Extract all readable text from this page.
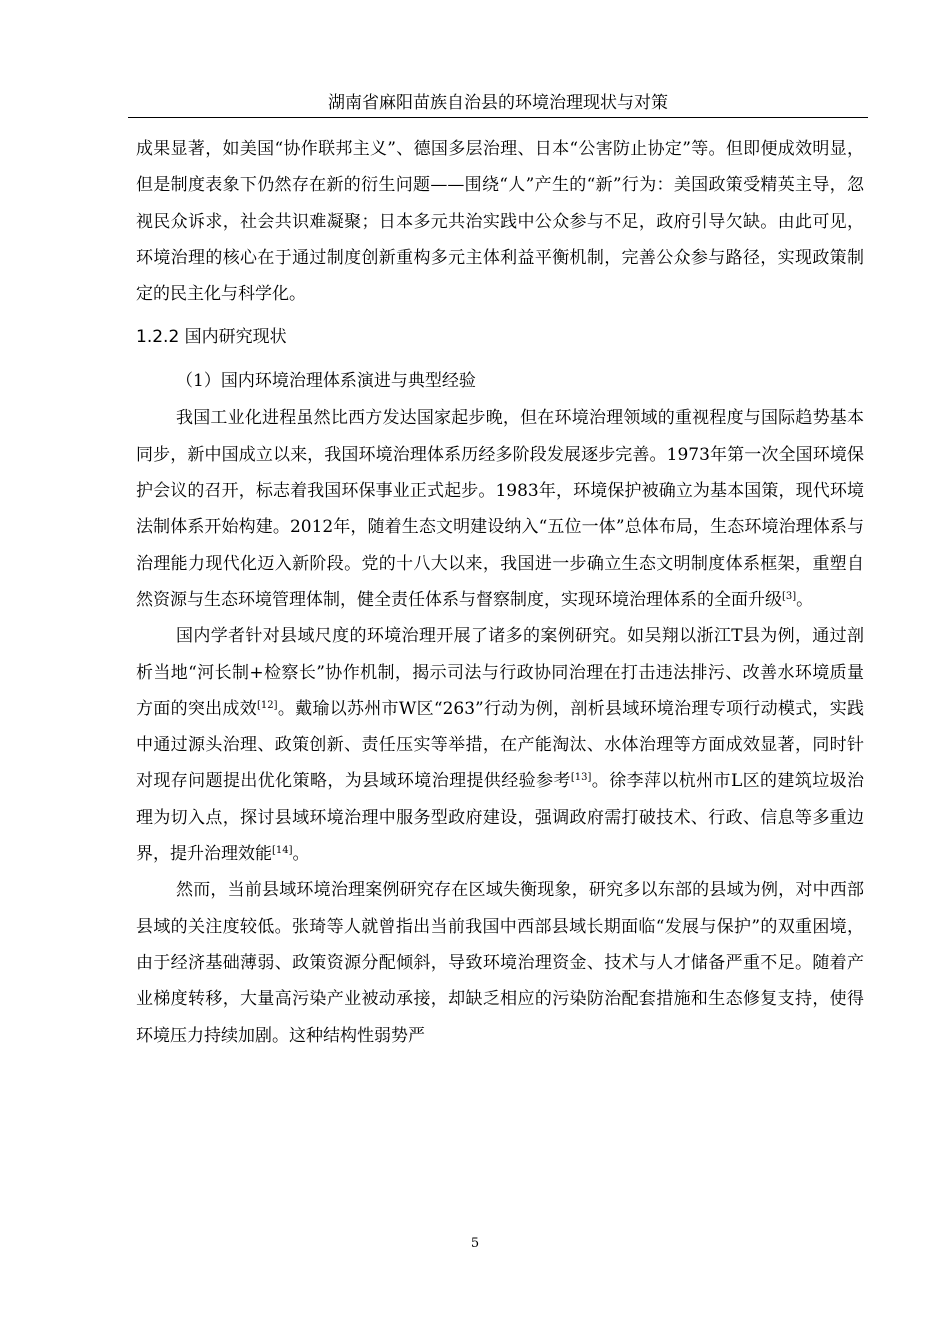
湖南省麻阳苗族自治县的环境治理现状与对策

成果显著，如美国“协作联邦主义”、德国多层治理、日本“公害防止协定”等。但即便成效明显，但是制度表象下仍然存在新的衍生问题——围绕“人”产生的“新”行为：美国政策受精英主导，忽视民众诉求，社会共识难凝聚；日本多元共治实践中公众参与不足，政府引导欠缺。由此可见，环境治理的核心在于通过制度创新重构多元主体利益平衡机制，完善公众参与路径，实现政策制定的民主化与科学化。

1.2.2 国内研究现状

（1）国内环境治理体系演进与典型经验

我国工业化进程虽然比西方发达国家起步晚，但在环境治理领域的重视程度与国际趋势基本同步，新中国成立以来，我国环境治理体系历经多阶段发展逐步完善。1973年第一次全国环境保护会议的召开，标志着我国环保事业正式起步。1983年，环境保护被确立为基本国策，现代环境法制体系开始构建。2012年，随着生态文明建设纳入“五位一体”总体布局，生态环境治理体系与治理能力现代化迈入新阶段。党的十八大以来，我国进一步确立生态文明制度体系框架，重塑自然资源与生态环境管理体制，健全责任体系与督察制度，实现环境治理体系的全面升级[3]。

国内学者针对县域尺度的环境治理开展了诸多的案例研究。如吴翔以浙江T县为例，通过剖析当地“河长制+检察长”协作机制，揭示司法与行政协同治理在打击违法排污、改善水环境质量方面的突出成效[12]。戴瑜以苏州市W区“263”行动为例，剖析县域环境治理专项行动模式，实践中通过源头治理、政策创新、责任压实等举措，在产能淘汰、水体治理等方面成效显著，同时针对现存问题提出优化策略，为县域环境治理提供经验参考[13]。徐李萍以杭州市L区的建筑垃圾治理为切入点，探讨县域环境治理中服务型政府建设，强调政府需打破技术、行政、信息等多重边界，提升治理效能[14]。

然而，当前县域环境治理案例研究存在区域失衡现象，研究多以东部的县域为例，对中西部县域的关注度较低。张琦等人就曾指出当前我国中西部县域长期面临“发展与保护”的双重困境，由于经济基础薄弱、政策资源分配倾斜，导致环境治理资金、技术与人才储备严重不足。随着产业梯度转移，大量高污染产业被动承接，却缺乏相应的污染防治配套措施和生态修复支持，使得环境压力持续加剧。这种结构性弱势严

5
